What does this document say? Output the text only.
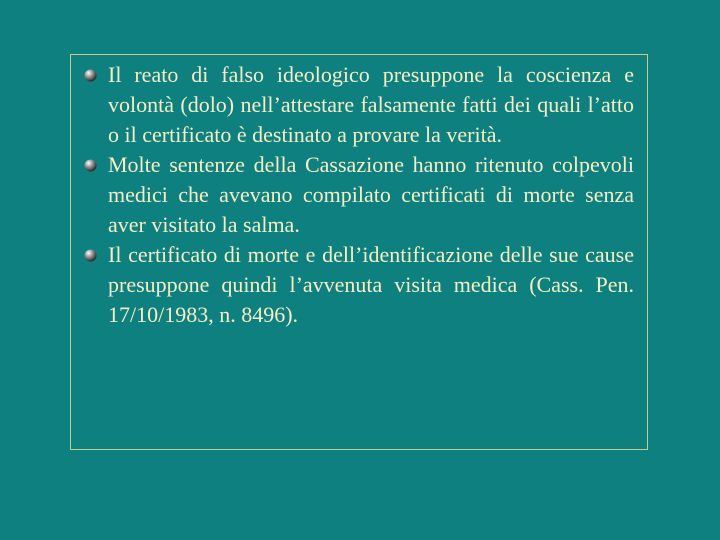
Il reato di falso ideologico presuppone la coscienza e volontà (dolo) nell’attestare falsamente fatti dei quali l’atto o il certificato è destinato a provare la verità.
Molte sentenze della Cassazione hanno ritenuto colpevoli medici che avevano compilato certificati di morte senza aver visitato la salma.
Il certificato di morte e dell’identificazione delle sue cause presuppone quindi l’avvenuta visita medica (Cass. Pen. 17/10/1983, n. 8496).
